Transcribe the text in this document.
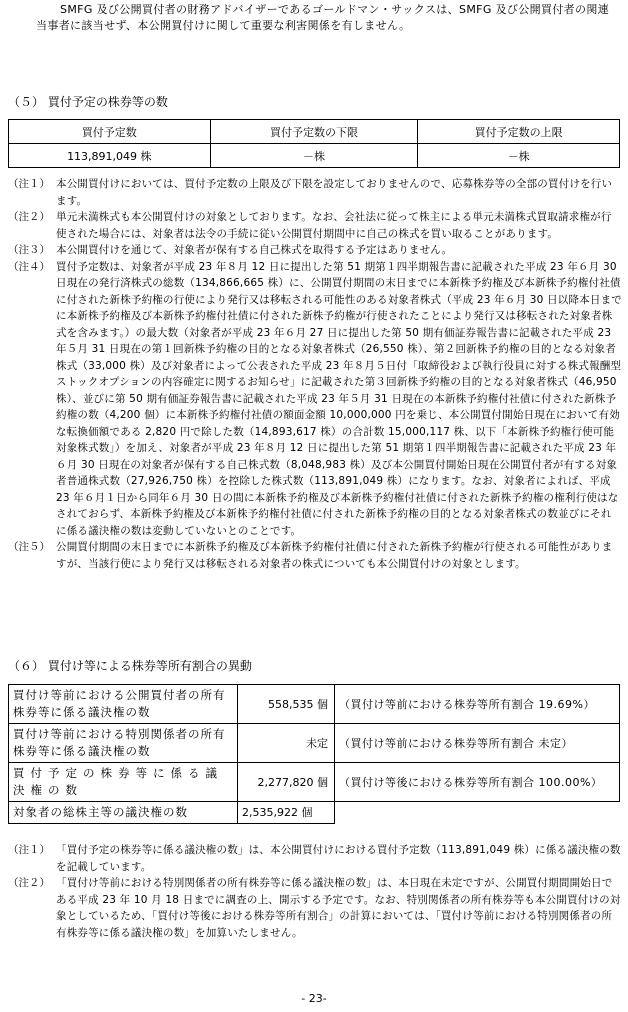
SMFG 及び公開買付者の財務アドバイザーであるゴールドマン・サックスは、SMFG 及び公開買付者の関連当事者に該当せず、本公開買付けに関して重要な利害関係を有しません。
（５） 買付予定の株券等の数
買付予定数	買付予定数の下限	買付予定数の上限
113,891,049 株	－株	－株
（注１） 本公開買付けにおいては、買付予定数の上限及び下限を設定しておりませんので、応募株券等の全部の買付けを行います。
（注２） 単元未満株式も本公開買付けの対象としております。なお、会社法に従って株主による単元未満株式買取請求権が行使された場合には、対象者は法令の手続に従い公開買付期間中に自己の株式を買い取ることがあります。
（注３） 本公開買付けを通じて、対象者が保有する自己株式を取得する予定はありません。
（注４） 買付予定数は、対象者が平成 23 年８月 12 日に提出した第 51 期第１四半期報告書に記載された平成 23 年６月 30 日現在の発行済株式の総数（134,866,665 株）に、公開買付期間の末日までに本新株予約権及び本新株予約権付社債に付された新株予約権の行使により発行又は移転される可能性のある対象者株式（平成 23 年６月 30 日以降本日までに本新株予約権及び本新株予約権付社債に付された新株予約権が行使されたことにより発行又は移転された対象者株式を含みます。）の最大数（対象者が平成 23 年６月 27 日に提出した第 50 期有価証券報告書に記載された平成 23 年５月 31 日現在の第１回新株予約権の目的となる対象者株式（26,550 株）、第２回新株予約権の目的となる対象者株式（33,000 株）及び対象者によって公表された平成 23 年８月５日付「取締役および執行役員に対する株式報酬型ストックオプションの内容確定に関するお知らせ」に記載された第３回新株予約権の目的となる対象者株式（46,950 株）、並びに第 50 期有価証券報告書に記載された平成 23 年５月 31 日現在の本新株予約権付社債に付された新株予約権の数（4,200 個）に本新株予約権付社債の額面金額 10,000,000 円を乗じ、本公開買付開始日現在において有効な転換価額である 2,820 円で除した数（14,893,617 株）の合計数 15,000,117 株、以下「本新株予約権行使可能対象株式数」）を加え、対象者が平成 23 年８月 12 日に提出した第 51 期第１四半期報告書に記載された平成 23 年６月 30 日現在の対象者が保有する自己株式数（8,048,983 株）及び本公開買付開始日現在公開買付者が有する対象者普通株式数（27,926,750 株）を控除した株式数（113,891,049 株）になります。なお、対象者によれば、平成 23 年６月１日から同年６月 30 日の間に本新株予約権及び本新株予約権付社債に付された新株予約権の権利行使はなされておらず、本新株予約権及び本新株予約権付社債に付された新株予約権の目的となる対象者株式の数並びにそれに係る議決権の数は変動していないとのことです。
（注５） 公開買付期間の末日までに本新株予約権及び本新株予約権付社債に付された新株予約権が行使される可能性がありますが、当該行使により発行又は移転される対象者の株式についても本公開買付けの対象とします。
（６） 買付け等による株券等所有割合の異動
買付け等前における公開買付者の所有株券等に係る議決権の数	558,535 個	（買付け等前における株券等所有割合 19.69%）
買付け等前における特別関係者の所有株券等に係る議決権の数	未定	（買付け等前における株券等所有割合 未定）
買付予定の株券等に係る議決権の数	2,277,820 個	（買付け等後における株券等所有割合 100.00%）
対象者の総株主等の議決権の数	2,535,922 個	
（注１） 「買付予定の株券等に係る議決権の数」は、本公開買付けにおける買付予定数（113,891,049 株）に係る議決権の数を記載しています。
（注２） 「買付け等前における特別関係者の所有株券等に係る議決権の数」は、本日現在未定ですが、公開買付期間開始日である平成 23 年 10 月 18 日までに調査の上、開示する予定です。なお、特別関係者の所有株券等も本公開買付けの対象としているため、「買付け等後における株券等所有割合」の計算においては、「買付け等前における特別関係者の所有株券等に係る議決権の数」を加算いたしません。
- 23-
